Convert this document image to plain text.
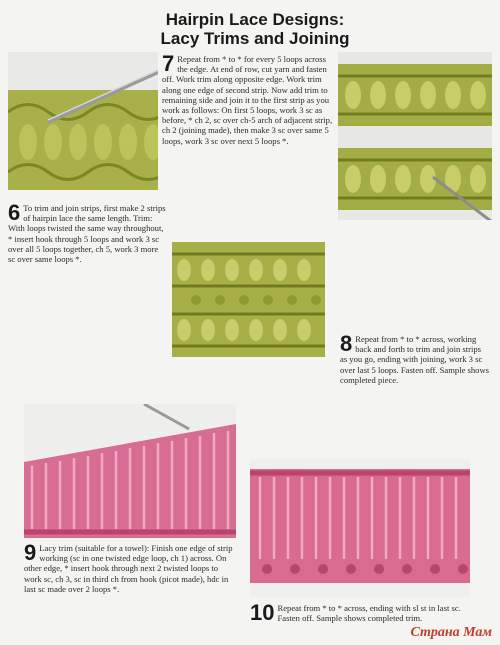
Hairpin Lace Designs:
Lacy Trims and Joining
7 Repeat from * to * for every 5 loops across the edge. At end of row, cut yarn and fasten off. Work trim along opposite edge. Work trim along one edge of second strip. Now add trim to remaining side and join it to the first strip as you work as follows: On first 5 loops, work 3 sc as before, * ch 2, sc over ch-5 arch of adjacent strip, ch 2 (joining made), then make 3 sc over same 5 loops, work 3 sc over next 5 loops *.
6 To trim and join strips, first make 2 strips of hairpin lace the same length. Trim: With loops twisted the same way throughout, * insert hook through 5 loops and work 3 sc over all 5 loops together, ch 5, work 3 more sc over same loops *.
8 Repeat from * to * across, working back and forth to trim and join strips as you go, ending with joining, work 3 sc over last 5 loops. Fasten off. Sample shows completed piece.
9 Lacy trim (suitable for a towel): Finish one edge of strip working (sc in one twisted edge loop, ch 1) across. On other edge, * insert hook through next 2 twisted loops to work sc, ch 3, sc in third ch from hook (picot made), hdc in last sc made over 2 loops *.
10 Repeat from * to * across, ending with sl st in last sc. Fasten off. Sample shows completed trim.
Страна Мам
